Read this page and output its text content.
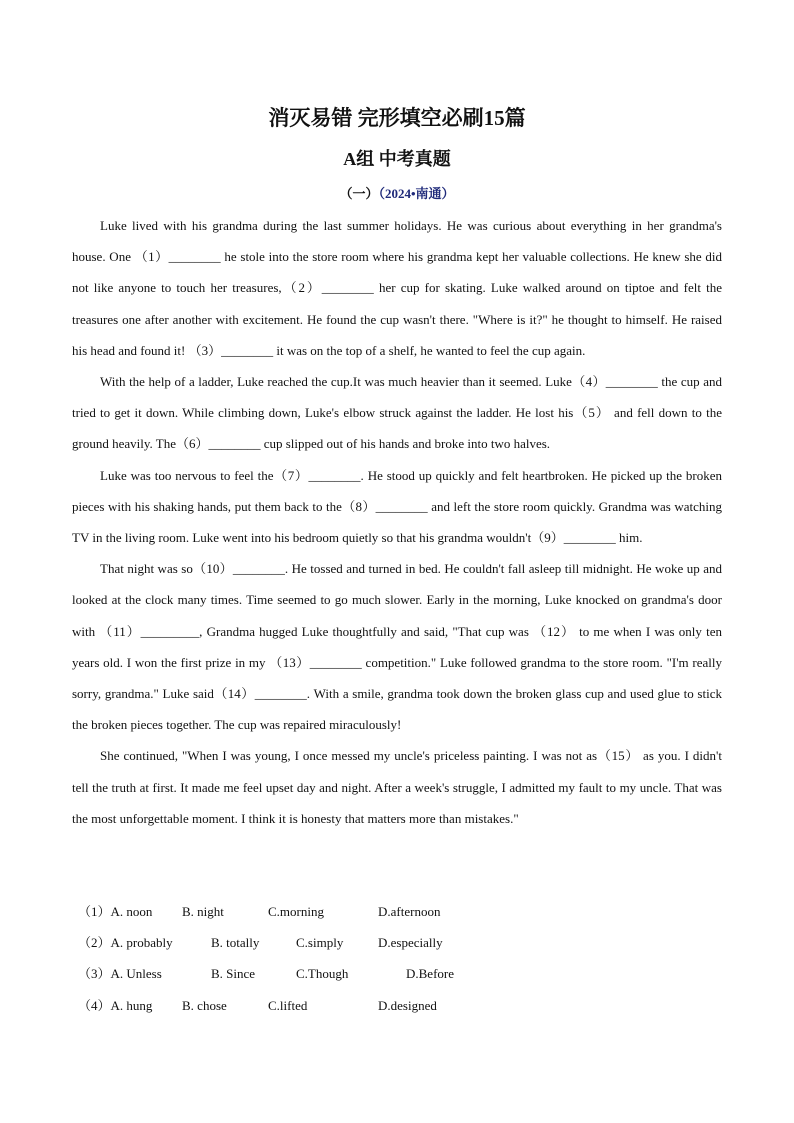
消灭易错 完形填空必刷15篇
A组 中考真题
（一）（2024•南通）

Luke lived with his grandma during the last summer holidays. He was curious about everything in her grandma's house. One （1）________ he stole into the store room where his grandma kept her valuable collections. He knew she did not like anyone to touch her treasures,（2）________ her cup for skating. Luke walked around on tiptoe and felt the treasures one after another with excitement. He found the cup wasn't there. "Where is it?" he thought to himself. He raised his head and found it! （3）________ it was on the top of a shelf, he wanted to feel the cup again.

With the help of a ladder, Luke reached the cup.It was much heavier than it seemed. Luke（4）________ the cup and tried to get it down. While climbing down, Luke's elbow struck against the ladder. He lost his（5） and fell down to the ground heavily. The（6）________ cup slipped out of his hands and broke into two halves.

Luke was too nervous to feel the（7）________. He stood up quickly and felt heartbroken. He picked up the broken pieces with his shaking hands, put them back to the（8）________ and left the store room quickly. Grandma was watching TV in the living room. Luke went into his bedroom quietly so that his grandma wouldn't（9）________ him.

That night was so（10）________. He tossed and turned in bed. He couldn't fall asleep till midnight. He woke up and looked at the clock many times. Time seemed to go much slower. Early in the morning, Luke knocked on grandma's door with （11）_________, Grandma hugged Luke thoughtfully and said, "That cup was （12） to me when I was only ten years old. I won the first prize in my （13）________ competition." Luke followed grandma to the store room. "I'm really sorry, grandma." Luke said（14）________. With a smile, grandma took down the broken glass cup and used glue to stick the broken pieces together. The cup was repaired miraculously!

She continued, "When I was young, I once messed my uncle's priceless painting. I was not as（15） as you. I didn't tell the truth at first. It made me feel upset day and night. After a week's struggle, I admitted my fault to my uncle. That was the most unforgettable moment. I think it is honesty that matters more than mistakes."

（1）A. noon B. night	C.morning	D.afternoon
（2）A. probably	B. totally	C.simply	D.especially
（3）A. Unless	B. Since	C.Though	D.Before
（4）A. hung B. chose	C.lifted	D.designed
